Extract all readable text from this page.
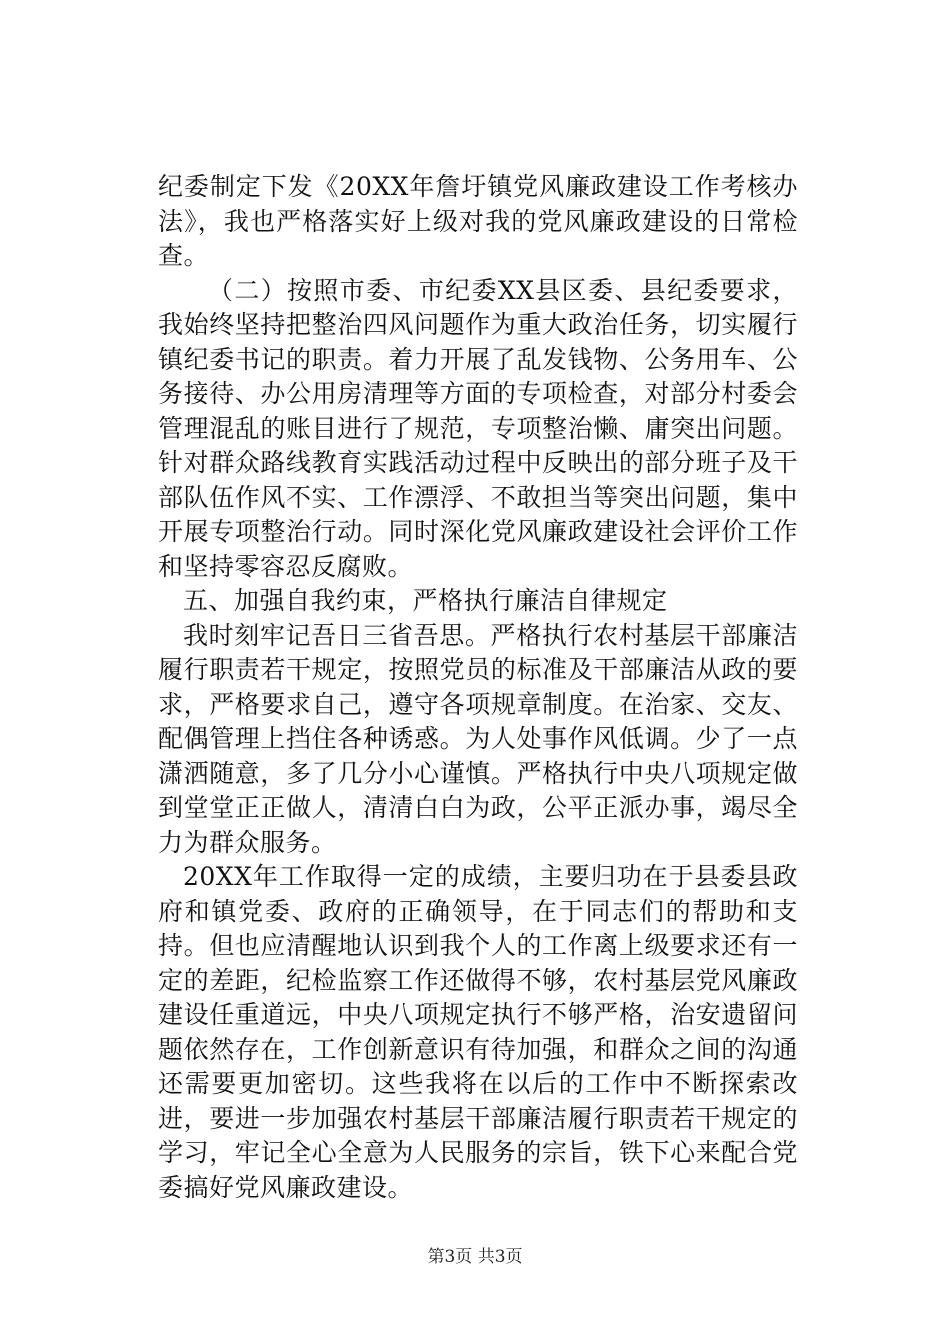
纪委制定下发《20XX年詹圩镇党风廉政建设工作考核办法》，我也严格落实好上级对我的党风廉政建设的日常检查。

（二）按照市委、市纪委XX县区委、县纪委要求，我始终坚持把整治四风问题作为重大政治任务，切实履行镇纪委书记的职责。着力开展了乱发钱物、公务用车、公务接待、办公用房清理等方面的专项检查，对部分村委会管理混乱的账目进行了规范，专项整治懒、庸突出问题。针对群众路线教育实践活动过程中反映出的部分班子及干部队伍作风不实、工作漂浮、不敢担当等突出问题，集中开展专项整治行动。同时深化党风廉政建设社会评价工作和坚持零容忍反腐败。

五、加强自我约束，严格执行廉洁自律规定

我时刻牢记吾日三省吾思。严格执行农村基层干部廉洁履行职责若干规定，按照党员的标准及干部廉洁从政的要求，严格要求自己，遵守各项规章制度。在治家、交友、配偶管理上挡住各种诱惑。为人处事作风低调。少了一点潇洒随意，多了几分小心谨慎。严格执行中央八项规定做到堂堂正正做人，清清白白为政，公平正派办事，竭尽全力为群众服务。

20XX年工作取得一定的成绩，主要归功在于县委县政府和镇党委、政府的正确领导，在于同志们的帮助和支持。但也应清醒地认识到我个人的工作离上级要求还有一定的差距，纪检监察工作还做得不够，农村基层党风廉政建设任重道远，中央八项规定执行不够严格，治安遗留问题依然存在，工作创新意识有待加强，和群众之间的沟通还需要更加密切。这些我将在以后的工作中不断探索改进，要进一步加强农村基层干部廉洁履行职责若干规定的学习，牢记全心全意为人民服务的宗旨，铁下心来配合党委搞好党风廉政建设。

第3页 共3页
